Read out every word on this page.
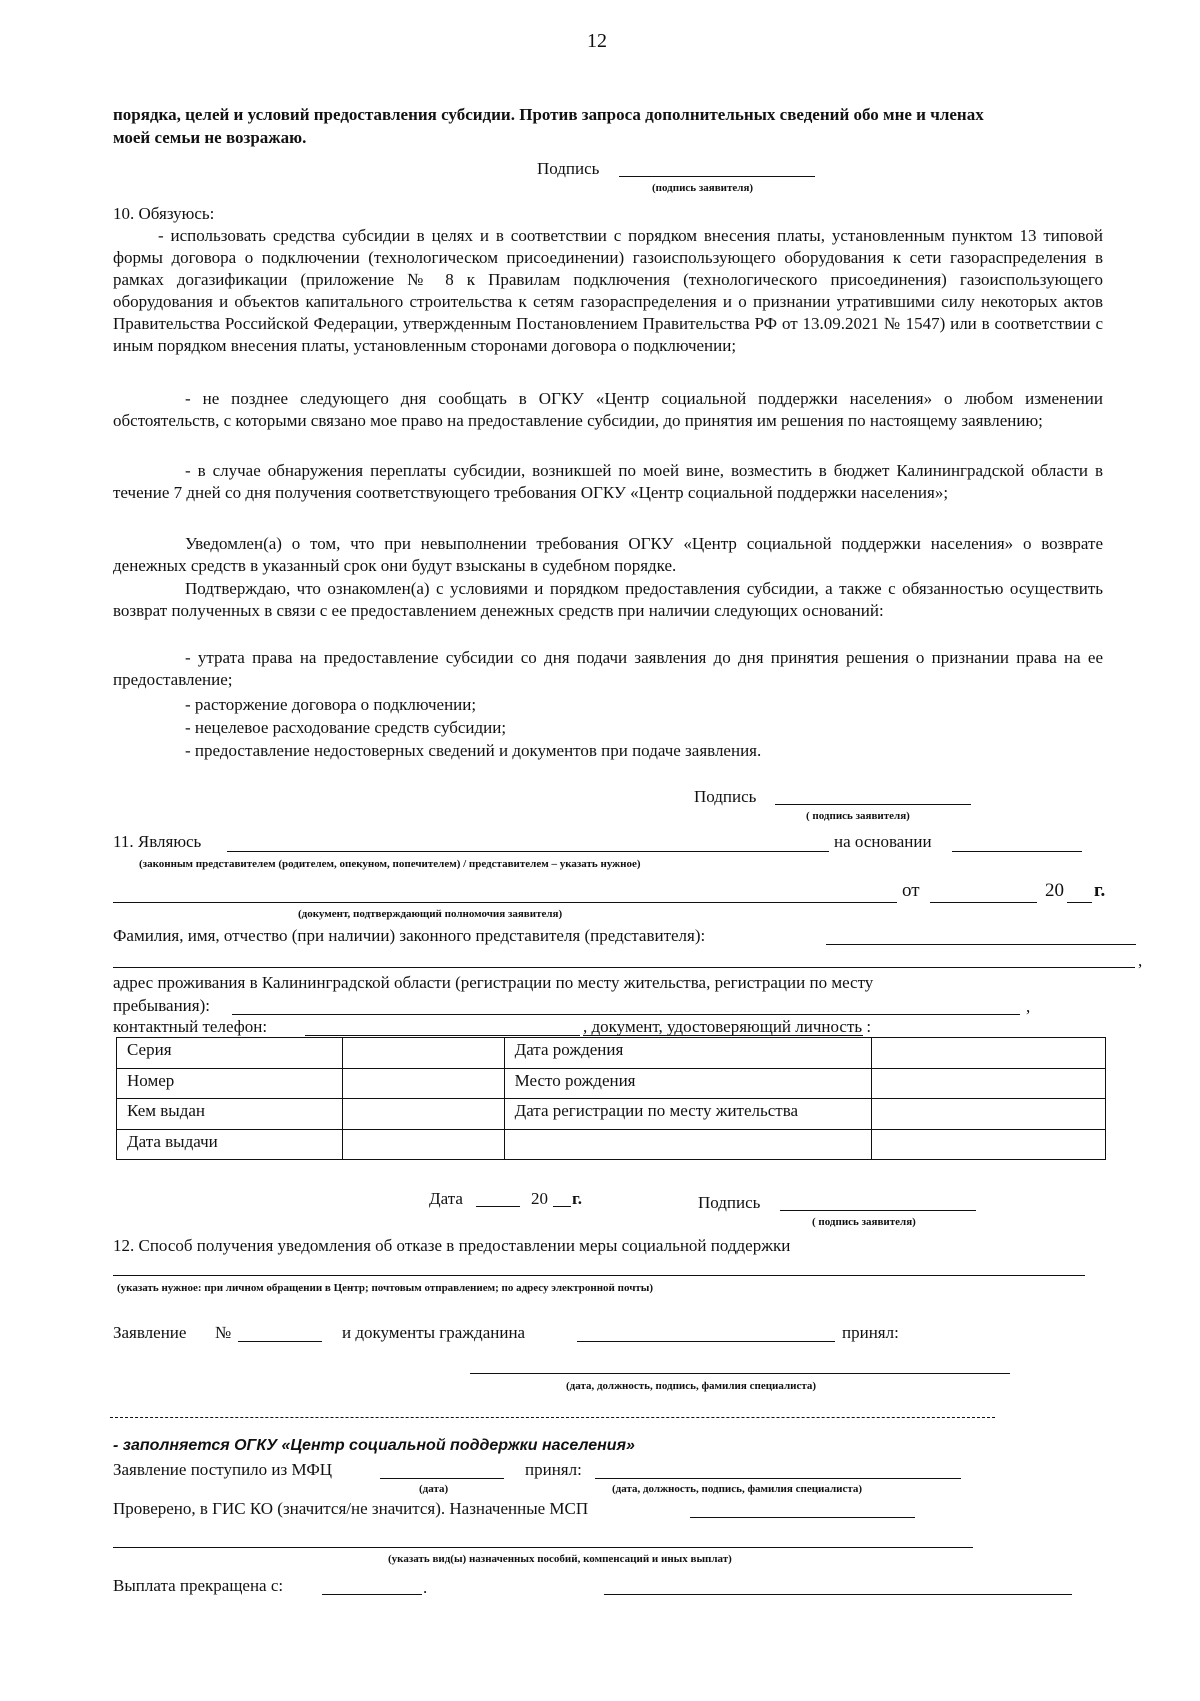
12
порядка, целей и условий предоставления субсидии. Против запроса дополнительных сведений обо мне и членах
моей семьи не возражаю.
Подпись
(подпись заявителя)
10. Обязуюсь:
- использовать средства субсидии в целях и в соответствии с порядком внесения платы, установленным пунктом 13 типовой формы договора о подключении (технологическом присоединении) газоиспользующего оборудования к сети газораспределения в рамках догазификации (приложение № 8 к Правилам подключения (технологического присоединения) газоиспользующего оборудования и объектов капитального строительства к сетям газораспределения и о признании утратившими силу некоторых актов Правительства Российской Федерации, утвержденным Постановлением Правительства РФ от 13.09.2021 № 1547) или в соответствии с иным порядком внесения платы, установленным сторонами договора о подключении;
- не позднее следующего дня сообщать в ОГКУ «Центр социальной поддержки населения» о любом изменении обстоятельств, с которыми связано мое право на предоставление субсидии, до принятия им решения по настоящему заявлению;
- в случае обнаружения переплаты субсидии, возникшей по моей вине, возместить в бюджет Калининградской области в течение 7 дней со дня получения соответствующего требования ОГКУ «Центр социальной поддержки населения»;
Уведомлен(а) о том, что при невыполнении требования ОГКУ «Центр социальной поддержки населения» о возврате денежных средств в указанный срок они будут взысканы в судебном порядке.
Подтверждаю, что ознакомлен(а) с условиями и порядком предоставления субсидии, а также с обязанностью осуществить возврат полученных в связи с ее предоставлением денежных средств при наличии следующих оснований:
- утрата права на предоставление субсидии со дня подачи заявления до дня принятия решения о признании права на ее предоставление;
- расторжение договора о подключении;
- нецелевое расходование средств субсидии;
- предоставление недостоверных сведений и документов при подаче заявления.
Подпись
( подпись заявителя)
11. Являюсь	на основании
(законным представителем (родителем, опекуном, попечителем) / представителем – указать нужное)
от	20 г.
(документ, подтверждающий полномочия заявителя)
Фамилия, имя, отчество (при наличии) законного представителя (представителя):
,
адрес проживания в Калининградской области (регистрации по месту жительства, регистрации по месту
пребывания):	,
контактный телефон:	, документ, удостоверяющий личность :
Серия		Дата рождения	
Номер		Место рождения	
Кем выдан		Дата регистрации по месту жительства	
Дата выдачи			
Дата	20 г.	Подпись
( подпись заявителя)
12. Способ получения уведомления об отказе в предоставлении меры социальной поддержки
(указать нужное: при личном обращении в Центр; почтовым отправлением; по адресу электронной почты)
Заявление №	и документы гражданина	принял:
(дата, должность, подпись, фамилия специалиста)
- заполняется ОГКУ «Центр социальной поддержки населения»
Заявление поступило из МФЦ	принял:
(дата)	(дата, должность, подпись, фамилия специалиста)
Проверено, в ГИС КО (значится/не значится). Назначенные МСП
(указать вид(ы) назначенных пособий, компенсаций и иных выплат)
Выплата прекращена с:	.
